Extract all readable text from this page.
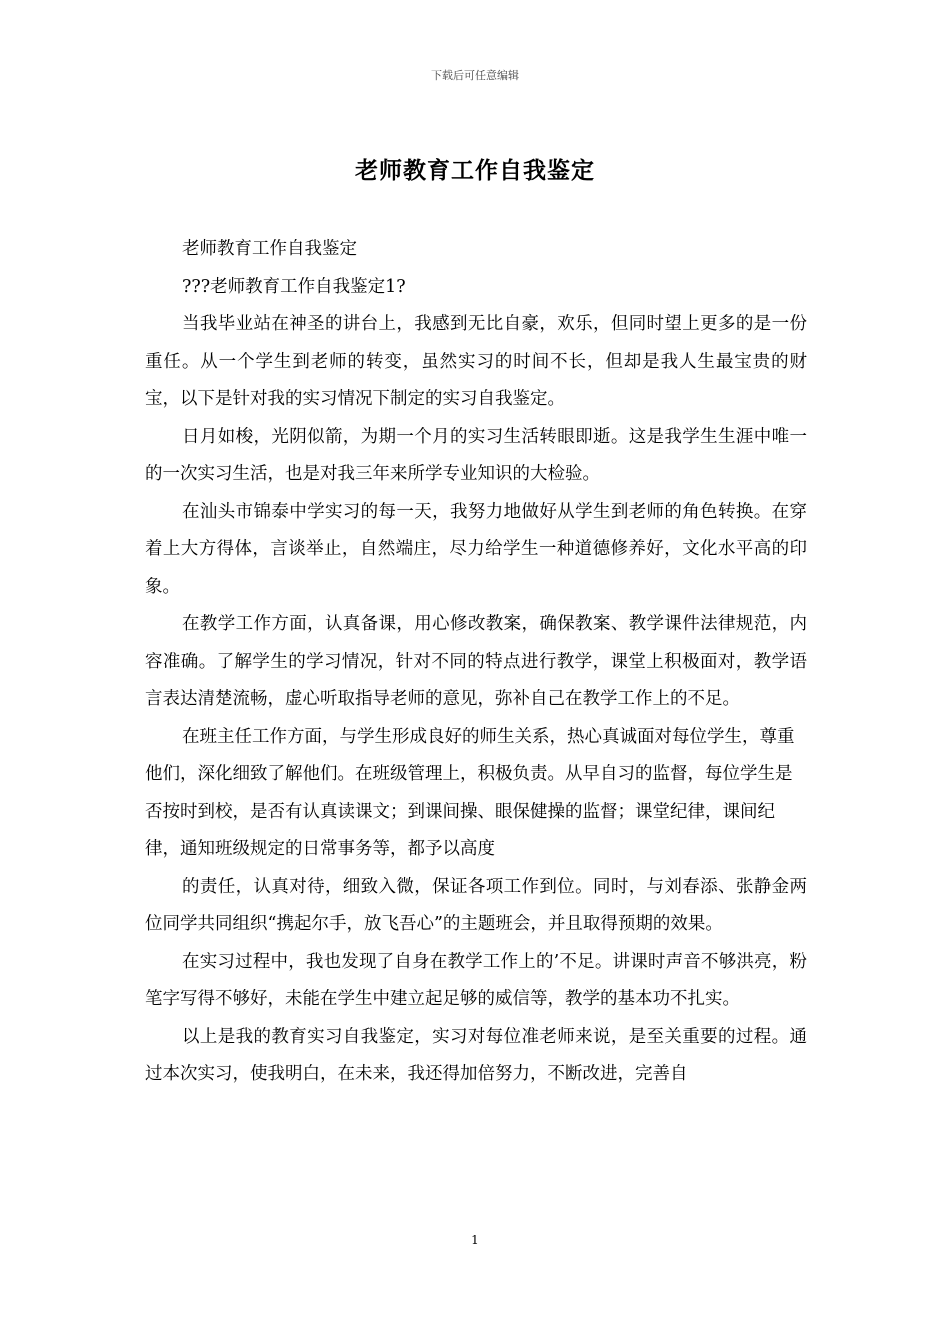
下载后可任意编辑
老师教育工作自我鉴定

老师教育工作自我鉴定

???老师教育工作自我鉴定1?

当我毕业站在神圣的讲台上，我感到无比自豪，欢乐，但同时望上更多的是一份重任。从一个学生到老师的转变，虽然实习的时间不长，但却是我人生最宝贵的财宝，以下是针对我的实习情况下制定的实习自我鉴定。

日月如梭，光阴似箭，为期一个月的实习生活转眼即逝。这是我学生生涯中唯一的一次实习生活，也是对我三年来所学专业知识的大检验。

在汕头市锦泰中学实习的每一天，我努力地做好从学生到老师的角色转换。在穿着上大方得体，言谈举止，自然端庄，尽力给学生一种道德修养好，文化水平高的印象。

在教学工作方面，认真备课，用心修改教案，确保教案、教学课件法律规范，内容准确。了解学生的学习情况，针对不同的特点进行教学，课堂上积极面对，教学语言表达清楚流畅，虚心听取指导老师的意见，弥补自己在教学工作上的不足。

在班主任工作方面，与学生形成良好的师生关系，热心真诚面对每位学生，尊重他们，深化细致了解他们。在班级管理上，积极负责。从早自习的监督，每位学生是否按时到校，是否有认真读课文；到课间操、眼保健操的监督；课堂纪律，课间纪律，通知班级规定的日常事务等，都予以高度

的责任，认真对待，细致入微，保证各项工作到位。同时，与刘春添、张静金两位同学共同组织“携起尔手，放飞吾心”的主题班会，并且取得预期的效果。

在实习过程中，我也发现了自身在教学工作上的’不足。讲课时声音不够洪亮，粉笔字写得不够好，未能在学生中建立起足够的威信等，教学的基本功不扎实。

以上是我的教育实习自我鉴定，实习对每位准老师来说，是至关重要的过程。通过本次实习，使我明白，在未来，我还得加倍努力，不断改进，完善自

1
